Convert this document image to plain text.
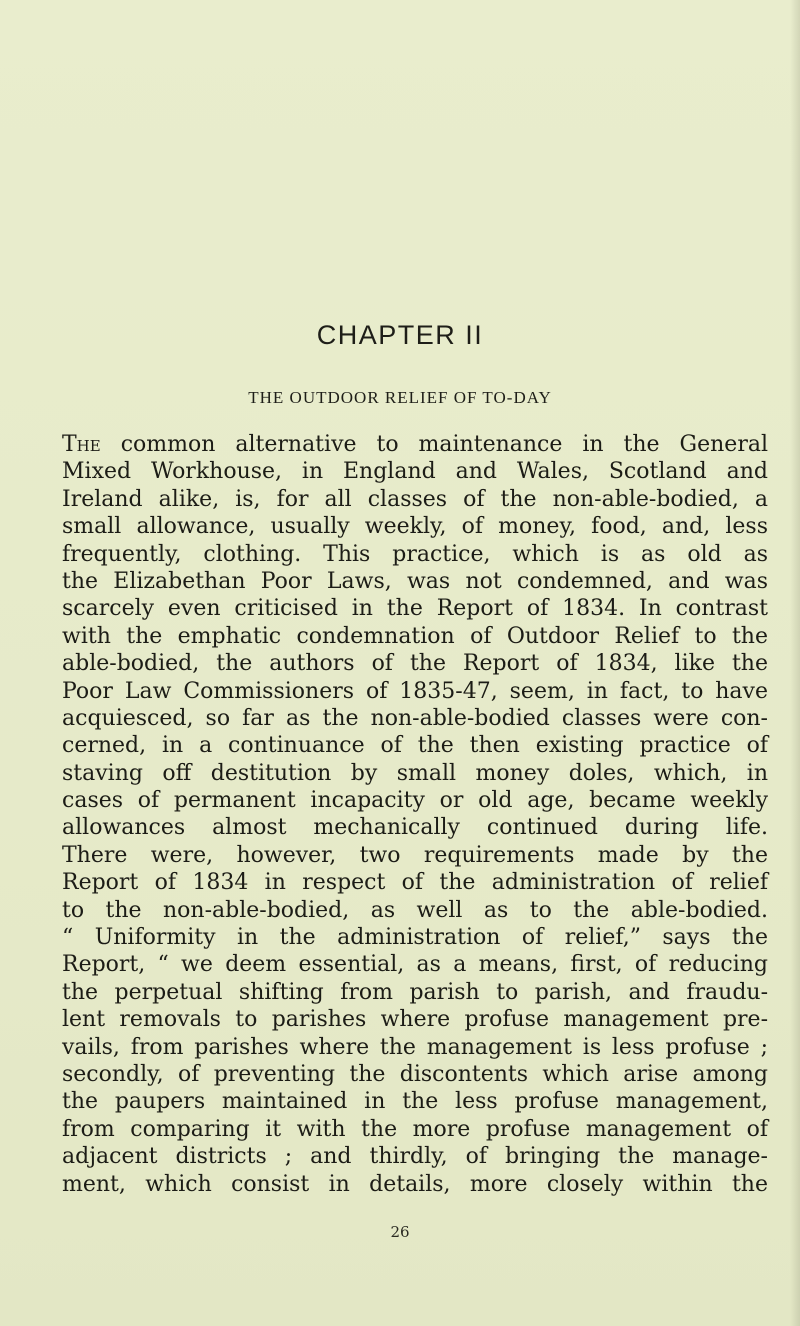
CHAPTER II
THE OUTDOOR RELIEF OF TO-DAY
The common alternative to maintenance in the General
Mixed Workhouse, in England and Wales, Scotland and
Ireland alike, is, for all classes of the non-able-bodied, a
small allowance, usually weekly, of money, food, and, less
frequently, clothing. This practice, which is as old as
the Elizabethan Poor Laws, was not condemned, and was
scarcely even criticised in the Report of 1834. In contrast
with the emphatic condemnation of Outdoor Relief to the
able-bodied, the authors of the Report of 1834, like the
Poor Law Commissioners of 1835-47, seem, in fact, to have
acquiesced, so far as the non-able-bodied classes were con-
cerned, in a continuance of the then existing practice of
staving off destitution by small money doles, which, in
cases of permanent incapacity or old age, became weekly
allowances almost mechanically continued during life.
There were, however, two requirements made by the
Report of 1834 in respect of the administration of relief
to the non-able-bodied, as well as to the able-bodied.
“ Uniformity in the administration of relief,” says the
Report, “ we deem essential, as a means, first, of reducing
the perpetual shifting from parish to parish, and fraudu-
lent removals to parishes where profuse management pre-
vails, from parishes where the management is less profuse ;
secondly, of preventing the discontents which arise among
the paupers maintained in the less profuse management,
from comparing it with the more profuse management of
adjacent districts ; and thirdly, of bringing the manage-
ment, which consist in details, more closely within the
26
